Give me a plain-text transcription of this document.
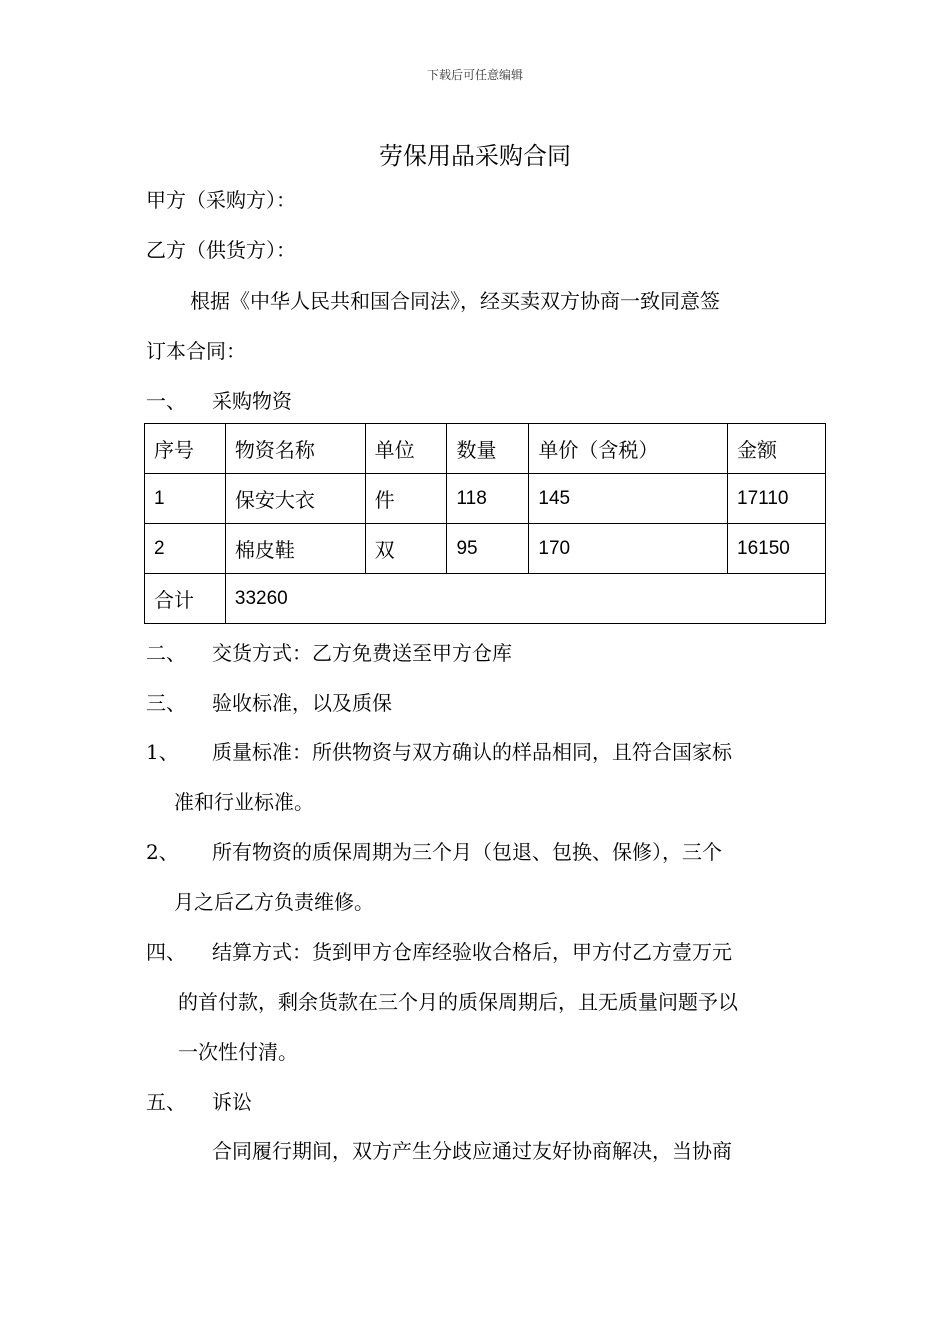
下载后可任意编辑
劳保用品采购合同
甲方（采购方）：
乙方（供货方）：
根据《中华人民共和国合同法》，经买卖双方协商一致同意签
订本合同：
一、 采购物资
序号	物资名称	单位	数量	单价（含税）	金额
1	保安大衣	件	118	145	17110
2	棉皮鞋	双	95	170	16150
合计	33260				
二、 交货方式：乙方免费送至甲方仓库
三、 验收标准，以及质保
1、 质量标准：所供物资与双方确认的样品相同，且符合国家标
准和行业标准。
2、 所有物资的质保周期为三个月（包退、包换、保修），三个
月之后乙方负责维修。
四、 结算方式：货到甲方仓库经验收合格后，甲方付乙方壹万元
的首付款，剩余货款在三个月的质保周期后，且无质量问题予以
一次性付清。
五、 诉讼
合同履行期间，双方产生分歧应通过友好协商解决，当协商
